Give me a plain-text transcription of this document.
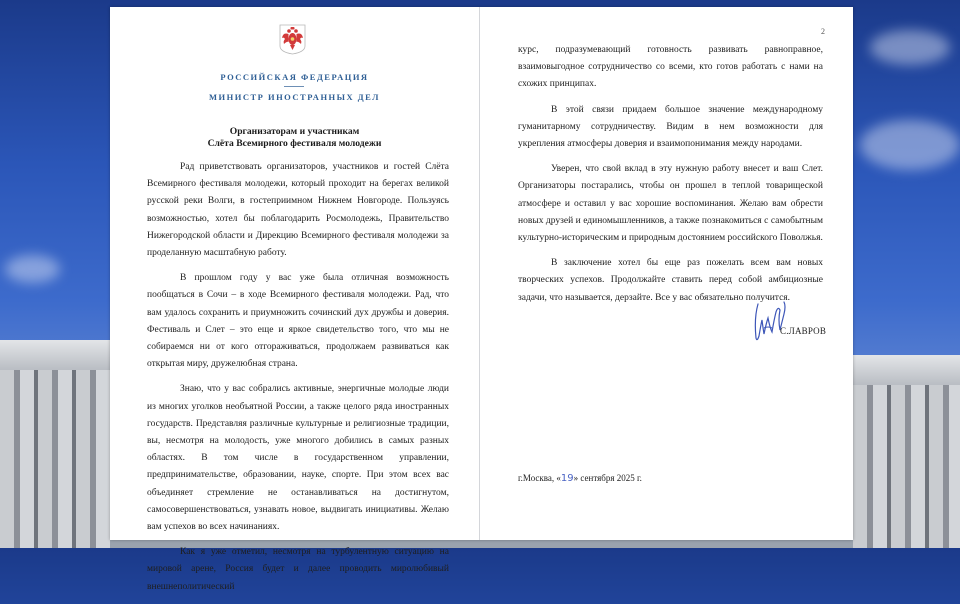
РОССИЙСКАЯ ФЕДЕРАЦИЯ
МИНИСТР ИНОСТРАННЫХ ДЕЛ
Организаторам и участникам
Слёта Всемирного фестиваля молодежи

Рад приветствовать организаторов, участников и гостей Слёта Всемирного фестиваля молодежи, который проходит на берегах великой русской реки Волги, в гостеприимном Нижнем Новгороде. Пользуясь возможностью, хотел бы поблагодарить Росмолодежь, Правительство Нижегородской области и Дирекцию Всемирного фестиваля молодежи за проделанную масштабную работу.

В прошлом году у вас уже была отличная возможность пообщаться в Сочи – в ходе Всемирного фестиваля молодежи. Рад, что вам удалось сохранить и приумножить сочинский дух дружбы и доверия. Фестиваль и Слет – это еще и яркое свидетельство того, что мы не собираемся ни от кого отгораживаться, продолжаем развиваться как открытая миру, дружелюбная страна.

Знаю, что у вас собрались активные, энергичные молодые люди из многих уголков необъятной России, а также целого ряда иностранных государств. Представляя различные культурные и религиозные традиции, вы, несмотря на молодость, уже многого добились в самых разных областях. В том числе в государственном управлении, предпринимательстве, образовании, науке, спорте. При этом всех вас объединяет стремление не останавливаться на достигнутом, самосовершенствоваться, узнавать новое, выдвигать инициативы. Желаю вам успехов во всех начинаниях.

Как я уже отметил, несмотря на турбулентную ситуацию на мировой арене, Россия будет и далее проводить миролюбивый внешнеполитический

2

курс, подразумевающий готовность развивать равноправное, взаимовыгодное сотрудничество со всеми, кто готов работать с нами на схожих принципах.

В этой связи придаем большое значение международному гуманитарному сотрудничеству. Видим в нем возможности для укрепления атмосферы доверия и взаимопонимания между народами.

Уверен, что свой вклад в эту нужную работу внесет и ваш Слет. Организаторы постарались, чтобы он прошел в теплой товарищеской атмосфере и оставил у вас хорошие воспоминания. Желаю вам обрести новых друзей и единомышленников, а также познакомиться с самобытным культурно-историческим и природным достоянием российского Поволжья.

В заключение хотел бы еще раз пожелать всем вам новых творческих успехов. Продолжайте ставить перед собой амбициозные задачи, что называется, дерзайте. Все у вас обязательно получится.

С.ЛАВРОВ
г.Москва, «19» сентября 2025 г.
